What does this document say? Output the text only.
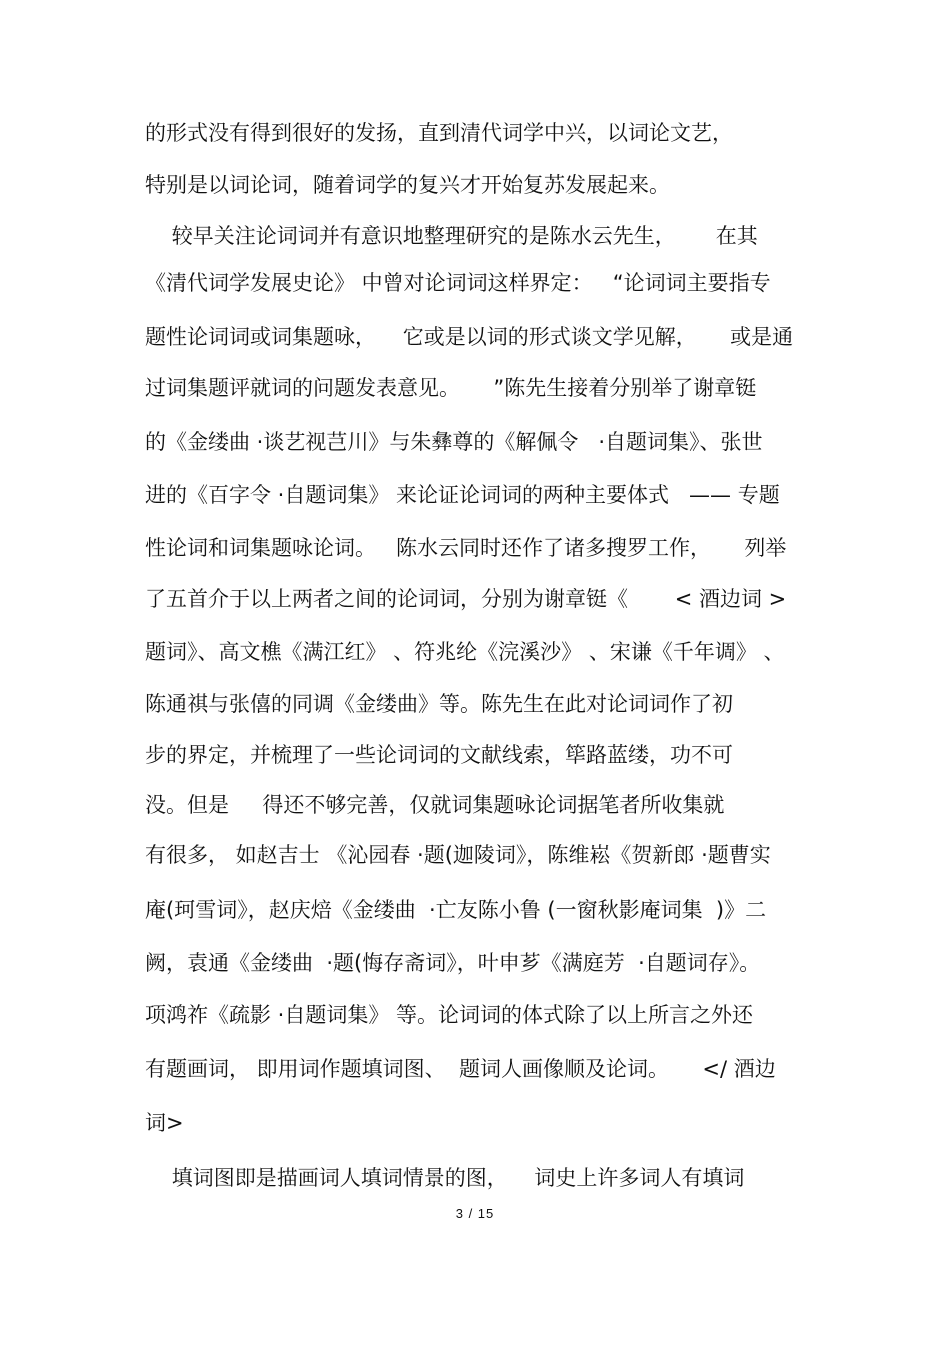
的形式没有得到很好的发扬，直到清代词学中兴，以词论文艺，
特别是以词论词，随着词学的复兴才开始复苏发展起来。
较早关注论词词并有意识地整理研究的是陈水云先生，      在其
《清代词学发展史论》 中曾对论词词这样界定：   “论词词主要指专
题性论词词或词集题咏，    它或是以词的形式谈文学见解，     或是通
过词集题评就词的问题发表意见。     ”陈先生接着分别举了谢章铤
的《金缕曲 ·谈艺视芑川》与朱彝尊的《解佩令   ·自题词集》、张世
进的《百字令 ·自题词集》 来论证论词词的两种主要体式   —— 专题
性论词和词集题咏论词。   陈水云同时还作了诸多搜罗工作，     列举
了五首介于以上两者之间的论词词，分别为谢章铤《       < 酒边词 >
题词》、高文樵《满江红》 、符兆纶《浣溪沙》 、宋谦《千年调》 、
陈通祺与张僖的同调《金缕曲》等。陈先生在此对论词词作了初
步的界定，并梳理了一些论词词的文献线索，筚路蓝缕，功不可
没。但是     得还不够完善，仅就词集题咏论词据笔者所收集就
有很多， 如赵吉士 《沁园春 ·题(迦陵词》，陈维崧《贺新郎 ·题曹实
庵(珂雪词》，赵庆焙《金缕曲  ·亡友陈小鲁 (一窗秋影庵词集  )》二
阙，袁通《金缕曲  ·题(悔存斋词》，叶申芗《满庭芳  ·自题词存》。
项鸿祚《疏影 ·自题词集》 等。论词词的体式除了以上所言之外还
有题画词， 即用词作题填词图、  题词人画像顺及论词。     </ 酒边
词>
填词图即是描画词人填词情景的图，    词史上许多词人有填词
3 / 15
